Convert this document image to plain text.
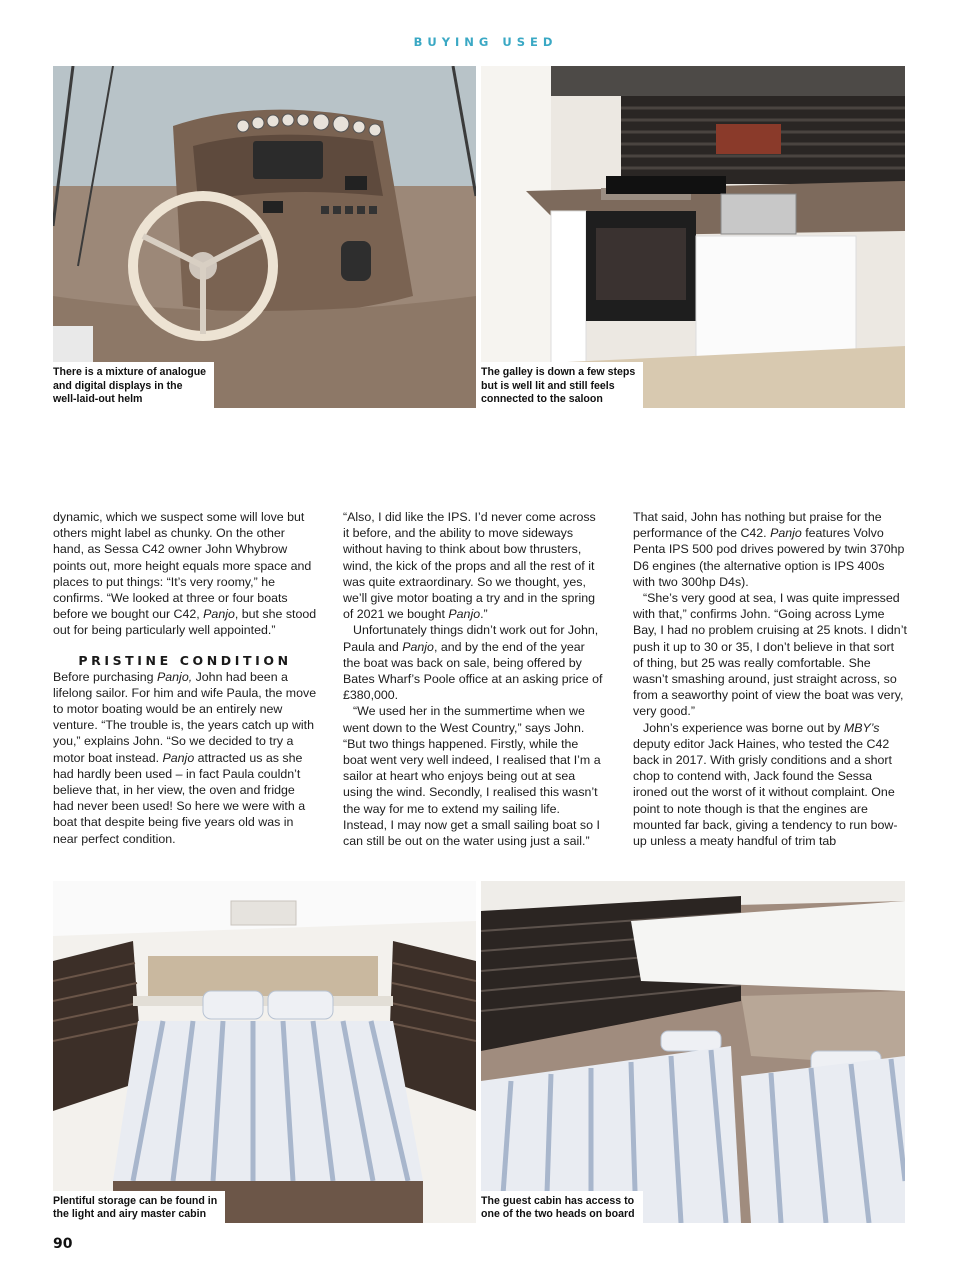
BUYING USED
There is a mixture of analogue
and digital displays in the
well-laid-out helm
The galley is down a few steps
but is well lit and still feels
connected to the saloon

dynamic, which we suspect some will love but others might label as chunky. On the other hand, as Sessa C42 owner John Whybrow points out, more height equals more space and places to put things: “It’s very roomy,” he confirms. “We looked at three or four boats before we bought our C42, Panjo, but she stood out for being particularly well appointed.”

PRISTINE CONDITION

Before purchasing Panjo, John had been a lifelong sailor. For him and wife Paula, the move to motor boating would be an entirely new venture. “The trouble is, the years catch up with you,” explains John. “So we decided to try a motor boat instead. Panjo attracted us as she had hardly been used – in fact Paula couldn’t believe that, in her view, the oven and fridge had never been used! So here we were with a boat that despite being five years old was in near perfect condition.

“Also, I did like the IPS. I’d never come across it before, and the ability to move sideways without having to think about bow thrusters, wind, the kick of the props and all the rest of it was quite extraordinary. So we thought, yes, we’ll give motor boating a try and in the spring of 2021 we bought Panjo.”

Unfortunately things didn’t work out for John, Paula and Panjo, and by the end of the year the boat was back on sale, being offered by Bates Wharf’s Poole office at an asking price of £380,000.

“We used her in the summertime when we went down to the West Country,” says John. “But two things happened. Firstly, while the boat went very well indeed, I realised that I’m a sailor at heart who enjoys being out at sea using the wind. Secondly, I realised this wasn’t the way for me to extend my sailing life. Instead, I may now get a small sailing boat so I can still be out on the water using just a sail.”

That said, John has nothing but praise for the performance of the C42. Panjo features Volvo Penta IPS 500 pod drives powered by twin 370hp D6 engines (the alternative option is IPS 400s with two 300hp D4s).

“She’s very good at sea, I was quite impressed with that,” confirms John. “Going across Lyme Bay, I had no problem cruising at 25 knots. I didn’t push it up to 30 or 35, I don’t believe in that sort of thing, but 25 was really comfortable. She wasn’t smashing around, just straight across, so from a seaworthy point of view the boat was very, very good.”

John’s experience was borne out by MBY’s deputy editor Jack Haines, who tested the C42 back in 2017. With grisly conditions and a short chop to contend with, Jack found the Sessa ironed out the worst of it without complaint. One point to note though is that the engines are mounted far back, giving a tendency to run bow-up unless a meaty handful of trim tab

Plentiful storage can be found in
the light and airy master cabin
The guest cabin has access to
one of the two heads on board
90
